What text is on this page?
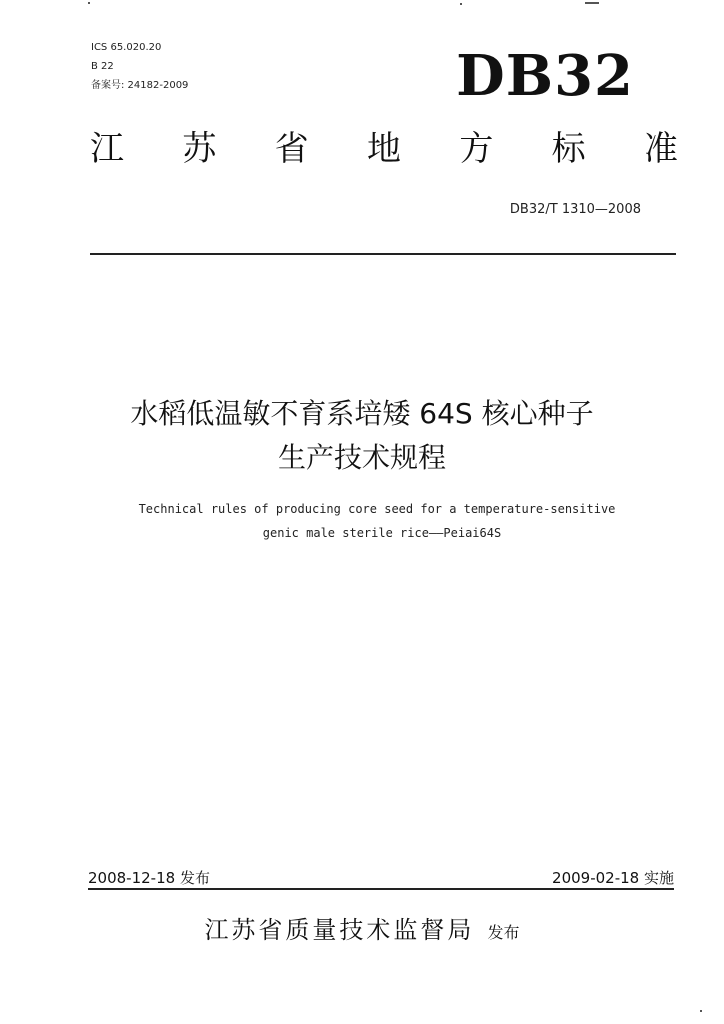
ICS 65.020.20
B 22
备案号: 24182-2009	DB32
江 苏 省 地 方 标 准
DB32/T 1310—2008
水稻低温敏不育系培矮 64S 核心种子
生产技术规程
Technical rules of producing core seed for a temperature-sensitive
genic male sterile rice——Peiai64S
2008-12-18 发布	2009-02-18 实施
江苏省质量技术监督局 发布
